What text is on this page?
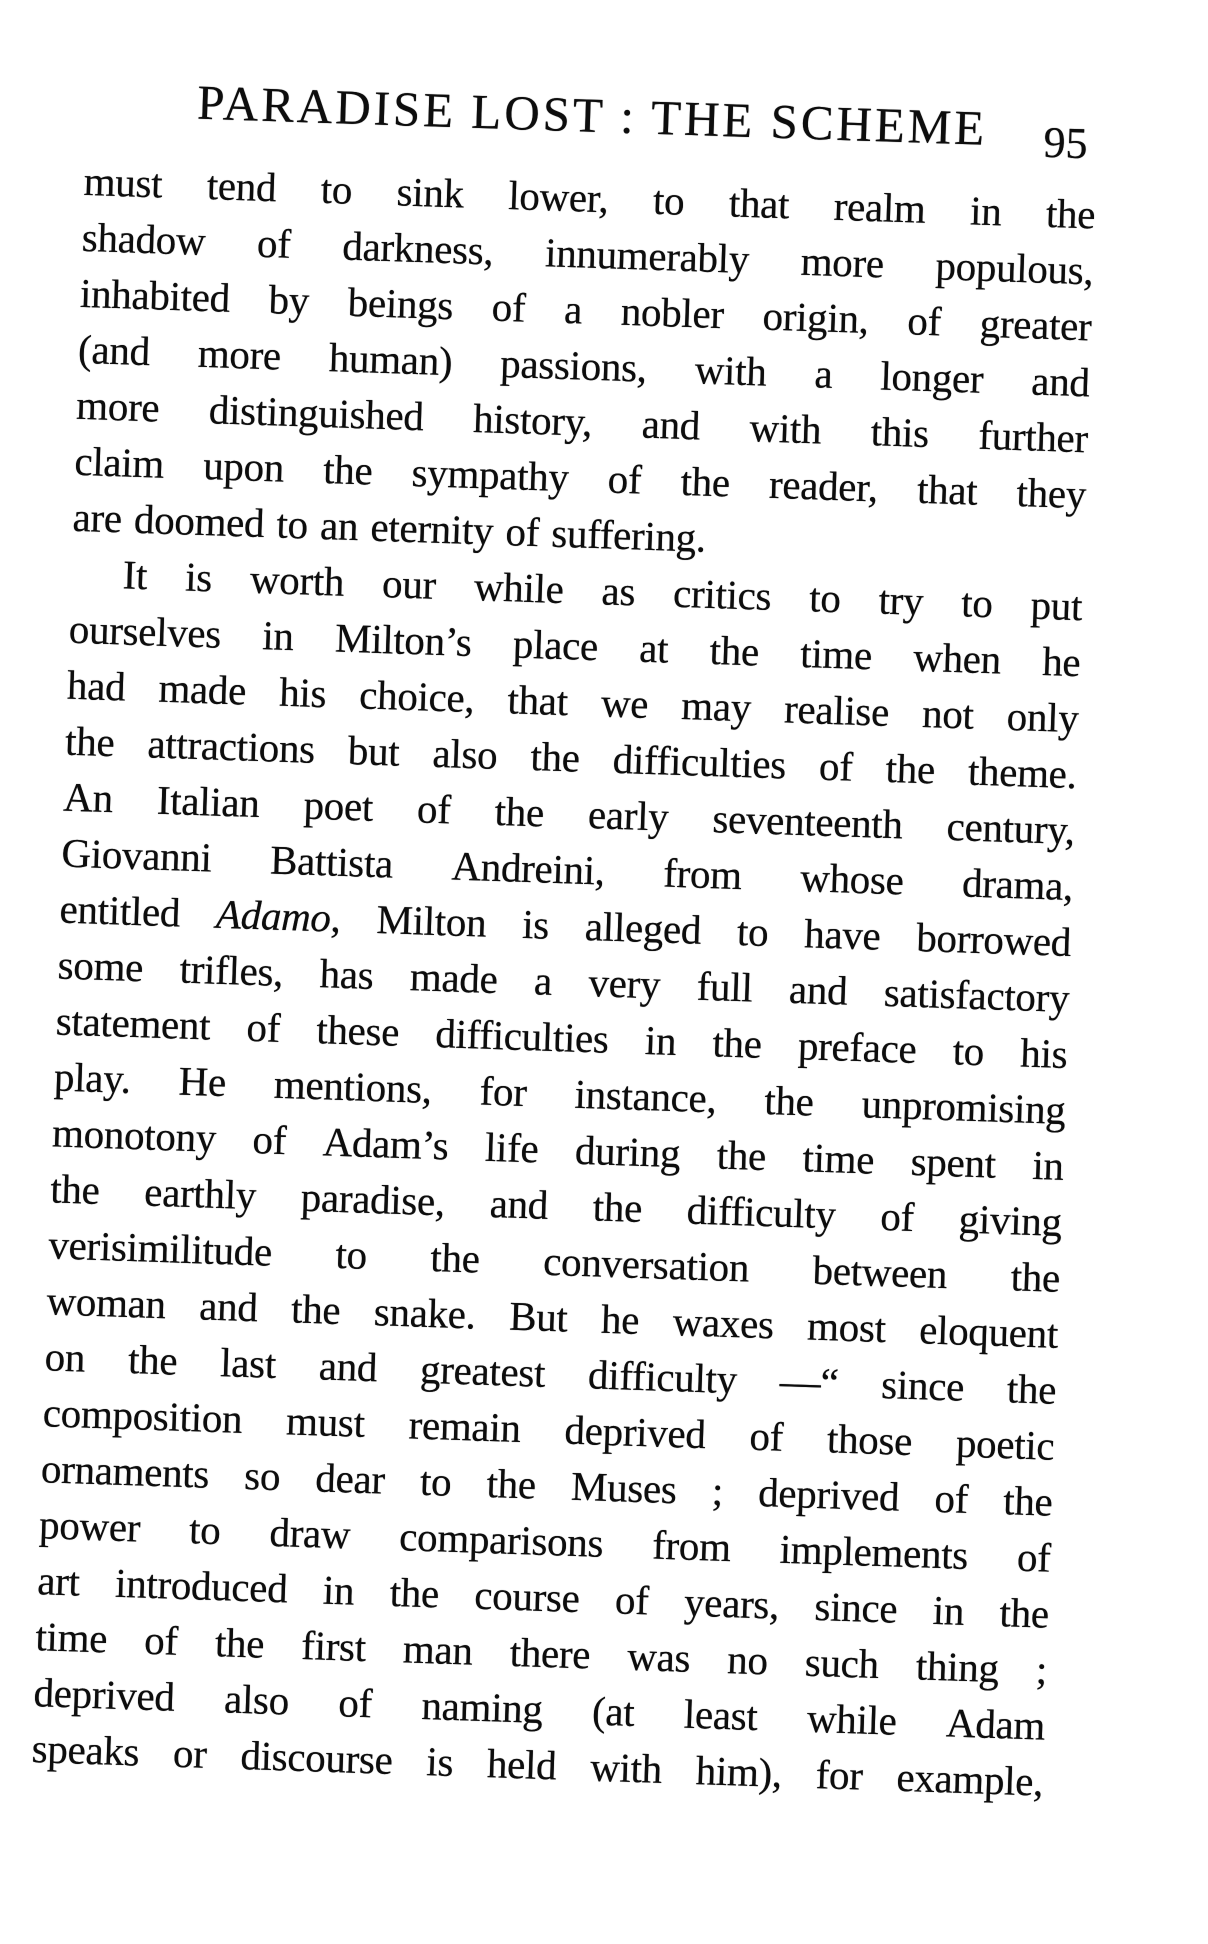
PARADISE LOST : THE SCHEME	95
must tend to sink lower, to that realm in the
shadow of darkness, innumerably more populous,
inhabited by beings of a nobler origin, of greater
(and more human) passions, with a longer and
more distinguished history, and with this further
claim upon the sympathy of the reader, that they
are doomed to an eternity of suffering.
It is worth our while as critics to try to put
ourselves in Milton’s place at the time when he
had made his choice, that we may realise not only
the attractions but also the difficulties of the theme.
An Italian poet of the early seventeenth century,
Giovanni Battista Andreini, from whose drama,
entitled Adamo, Milton is alleged to have borrowed
some trifles, has made a very full and satisfactory
statement of these difficulties in the preface to his
play. He mentions, for instance, the unpromising
monotony of Adam’s life during the time spent in
the earthly paradise, and the difficulty of giving
verisimilitude to the conversation between the
woman and the snake. But he waxes most eloquent
on the last and greatest difficulty —“ since the
composition must remain deprived of those poetic
ornaments so dear to the Muses ; deprived of the
power to draw comparisons from implements of
art introduced in the course of years, since in the
time of the first man there was no such thing ;
deprived also of naming (at least while Adam
speaks or discourse is held with him), for example,
